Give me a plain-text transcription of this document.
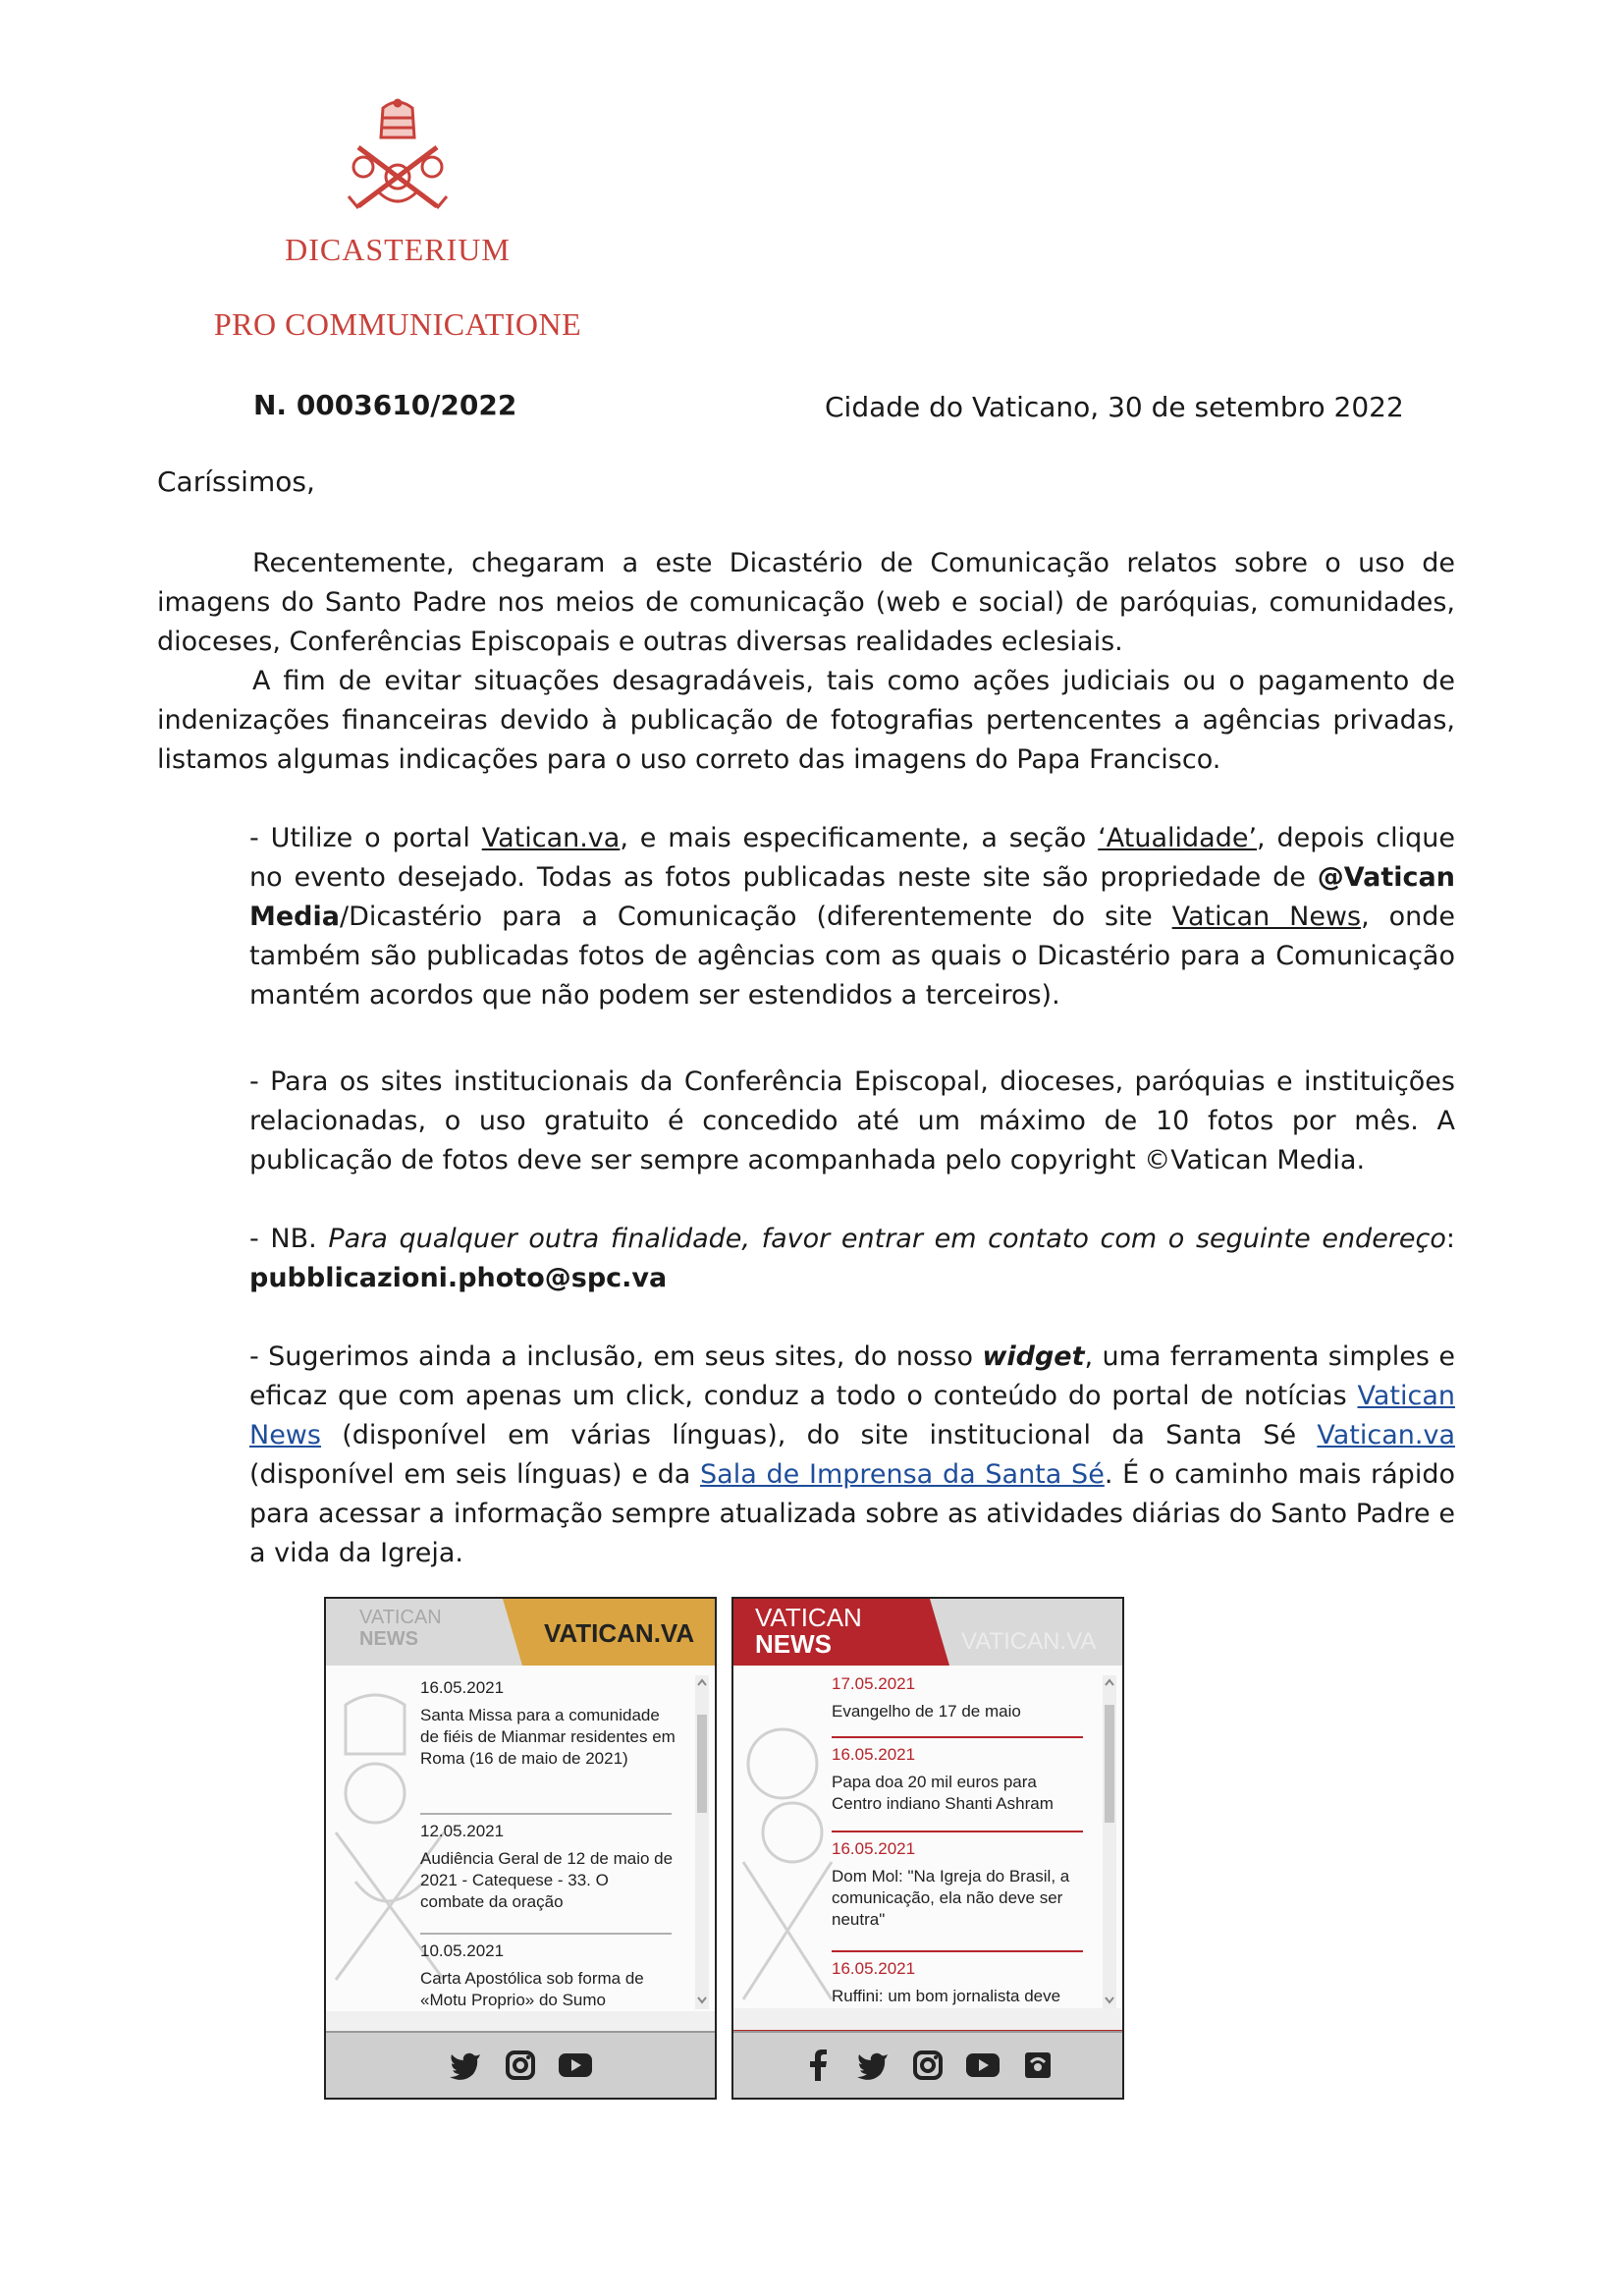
DICASTERIUM
PRO COMMUNICATIONE
N. 0003610/2022	Cidade do Vaticano, 30 de setembro 2022
Caríssimos,
Recentemente, chegaram a este Dicastério de Comunicação relatos sobre o uso de imagens do Santo Padre nos meios de comunicação (web e social) de paróquias, comunidades, dioceses, Conferências Episcopais e outras diversas realidades eclesiais.
A fim de evitar situações desagradáveis, tais como ações judiciais ou o pagamento de indenizações financeiras devido à publicação de fotografias pertencentes a agências privadas, listamos algumas indicações para o uso correto das imagens do Papa Francisco.
- Utilize o portal Vatican.va, e mais especificamente, a seção ‘Atualidade’, depois clique no evento desejado. Todas as fotos publicadas neste site são propriedade de @Vatican Media/Dicastério para a Comunicação (diferentemente do site Vatican News, onde também são publicadas fotos de agências com as quais o Dicastério para a Comunicação mantém acordos que não podem ser estendidos a terceiros).
- Para os sites institucionais da Conferência Episcopal, dioceses, paróquias e instituições relacionadas, o uso gratuito é concedido até um máximo de 10 fotos por mês. A publicação de fotos deve ser sempre acompanhada pelo copyright ©Vatican Media.
- NB. Para qualquer outra finalidade, favor entrar em contato com o seguinte endereço: pubblicazioni.photo@spc.va
- Sugerimos ainda a inclusão, em seus sites, do nosso widget, uma ferramenta simples e eficaz que com apenas um click, conduz a todo o conteúdo do portal de notícias Vatican News (disponível em várias línguas), do site institucional da Santa Sé Vatican.va (disponível em seis línguas) e da Sala de Imprensa da Santa Sé. É o caminho mais rápido para acessar a informação sempre atualizada sobre as atividades diárias do Santo Padre e a vida da Igreja.
VATICAN
NEWS	VATICAN.VA
16.05.2021
Santa Missa para a comunidade de fiéis de Mianmar residentes em Roma (16 de maio de 2021)
12.05.2021
Audiência Geral de 12 de maio de 2021 - Catequese - 33. O combate da oração
10.05.2021
Carta Apostólica sob forma de «Motu Proprio» do Sumo
VATICAN
NEWS	VATICAN.VA
17.05.2021
Evangelho de 17 de maio
16.05.2021
Papa doa 20 mil euros para Centro indiano Shanti Ashram
16.05.2021
Dom Mol: "Na Igreja do Brasil, a comunicação, ela não deve ser neutra"
16.05.2021
Ruffini: um bom jornalista deve
